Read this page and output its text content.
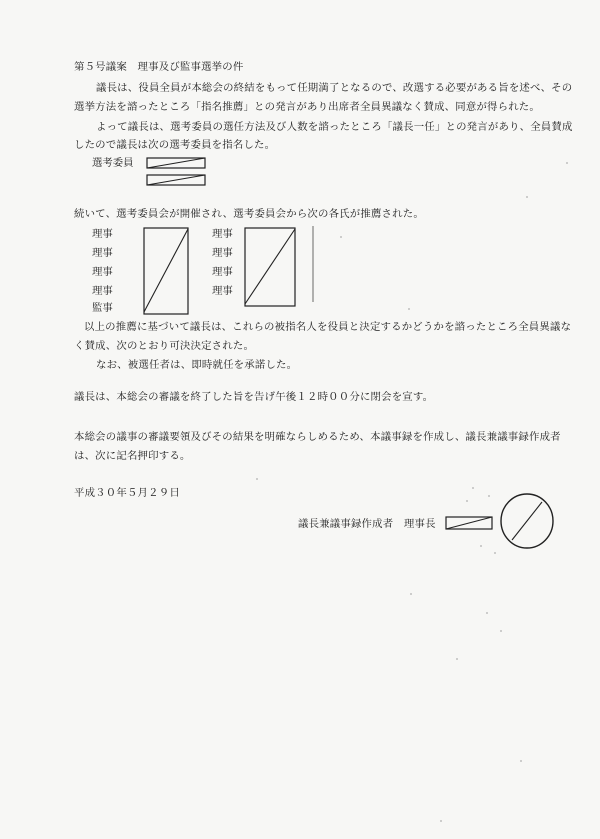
第５号議案　理事及び監事選挙の件
議長は、役員全員が本総会の終結をもって任期満了となるので、改選する必要がある旨を述べ、その
選挙方法を諮ったところ「指名推薦」との発言があり出席者全員異議なく賛成、同意が得られた。
よって議長は、選考委員の選任方法及び人数を諮ったところ「議長一任」との発言があり、全員賛成
したので議長は次の選考委員を指名した。
選考委員
続いて、選考委員会が開催され、選考委員会から次の各氏が推薦された。
理事
理事
理事
理事
監事
理事
理事
理事
理事
以上の推薦に基づいて議長は、これらの被指名人を役員と決定するかどうかを諮ったところ全員異議な
く賛成、次のとおり可決決定された。
なお、被選任者は、即時就任を承諾した。
議長は、本総会の審議を終了した旨を告げ午後１２時００分に閉会を宣す。
本総会の議事の審議要領及びその結果を明確ならしめるため、本議事録を作成し、議長兼議事録作成者
は、次に記名押印する。
平成３０年５月２９日
議長兼議事録作成者　理事長
